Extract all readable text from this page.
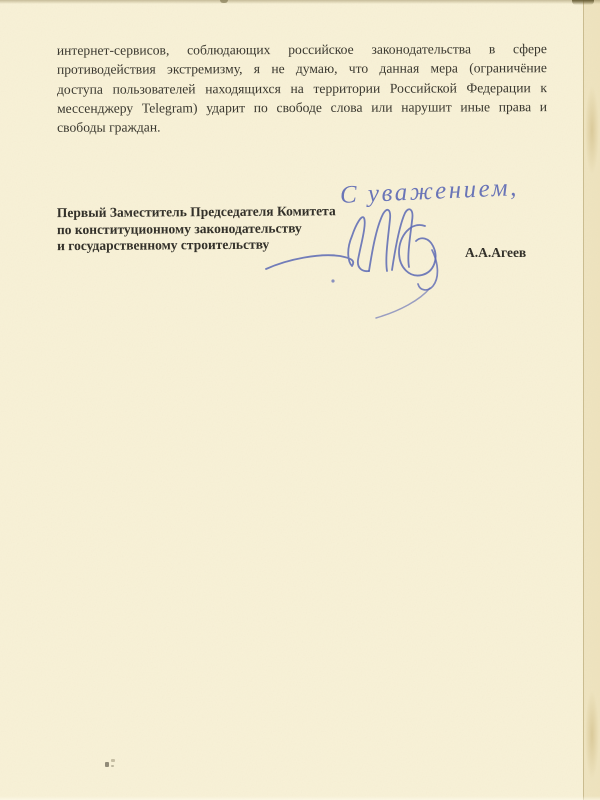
интернет-сервисов, соблюдающих российское законодательства в сфере
противодействия экстремизму, я не думаю, что данная мера (ограничёние
доступа пользователей находящихся на территории Российской Федерации к
мессенджеру Telegram) ударит по свободе слова или нарушит иные права и
свободы граждан.
Первый Заместитель Председателя Комитета
по конституционному законодательству
и государственному строительству	А.А.Агеев
С уважением,
